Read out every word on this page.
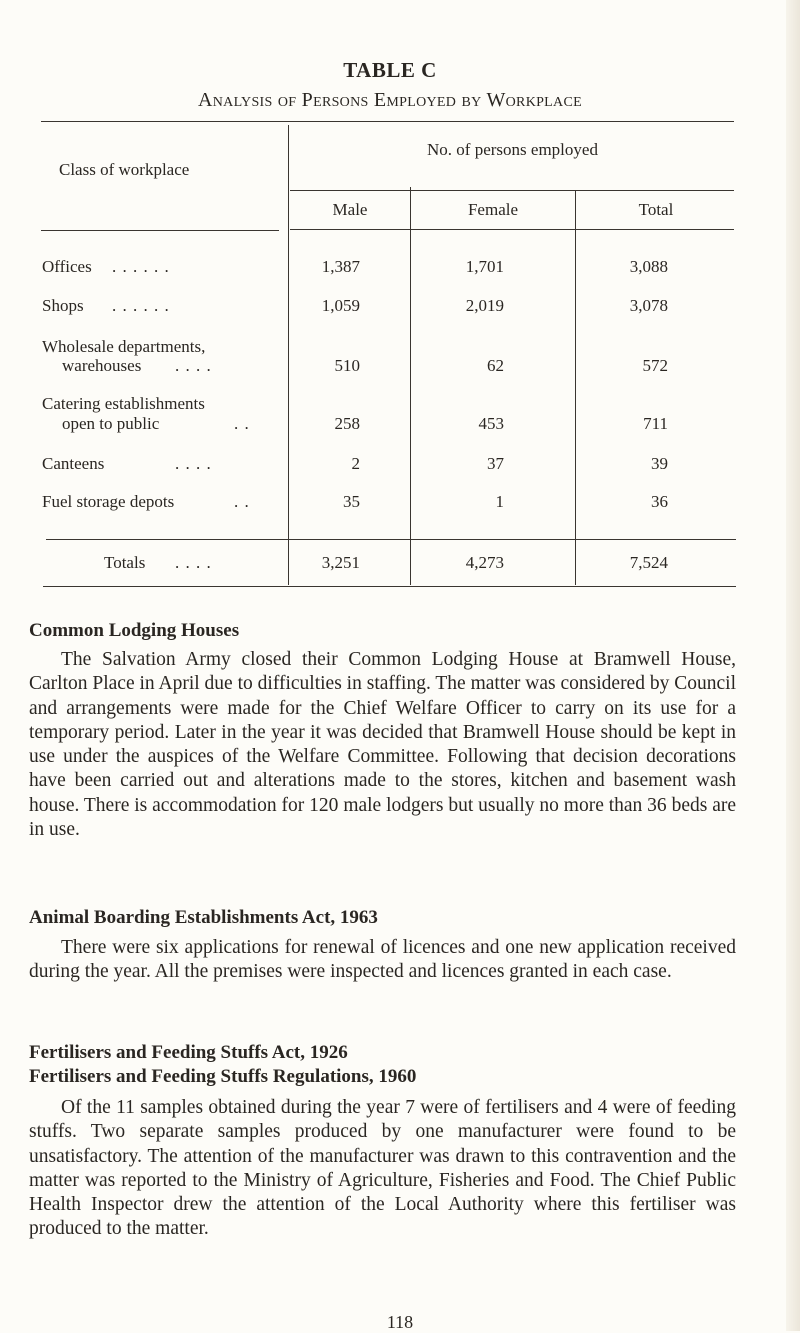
TABLE C
Analysis of Persons Employed by Workplace
Class of workplace
No. of persons employed
Male	Female	Total
Offices . . . . . .	1,387	1,701	3,088
Shops . . . . . .	1,059	2,019	3,078
Wholesale departments,
warehouses . . . .	510	62	572
Catering establishments
open to public	. .	258	453	711
Canteens	. . . .	2	37	39
Fuel storage depots	. .	35	1	36
Totals . . . .	3,251	4,273	7,524
Common Lodging Houses

The Salvation Army closed their Common Lodging House at Bramwell House, Carlton Place in April due to difficulties in staffing. The matter was considered by Council and arrangements were made for the Chief Welfare Officer to carry on its use for a temporary period. Later in the year it was decided that Bramwell House should be kept in use under the auspices of the Welfare Committee. Following that decision decorations have been carried out and alterations made to the stores, kitchen and basement wash house. There is accommodation for 120 male lodgers but usually no more than 36 beds are in use.

Animal Boarding Establishments Act, 1963

There were six applications for renewal of licences and one new application received during the year. All the premises were inspected and licences granted in each case.

Fertilisers and Feeding Stuffs Act, 1926
Fertilisers and Feeding Stuffs Regulations, 1960

Of the 11 samples obtained during the year 7 were of fertilisers and 4 were of feeding stuffs. Two separate samples produced by one manufacturer were found to be unsatisfactory. The attention of the manufacturer was drawn to this contravention and the matter was reported to the Ministry of Agriculture, Fisheries and Food. The Chief Public Health Inspector drew the attention of the Local Authority where this fertiliser was produced to the matter.

118
